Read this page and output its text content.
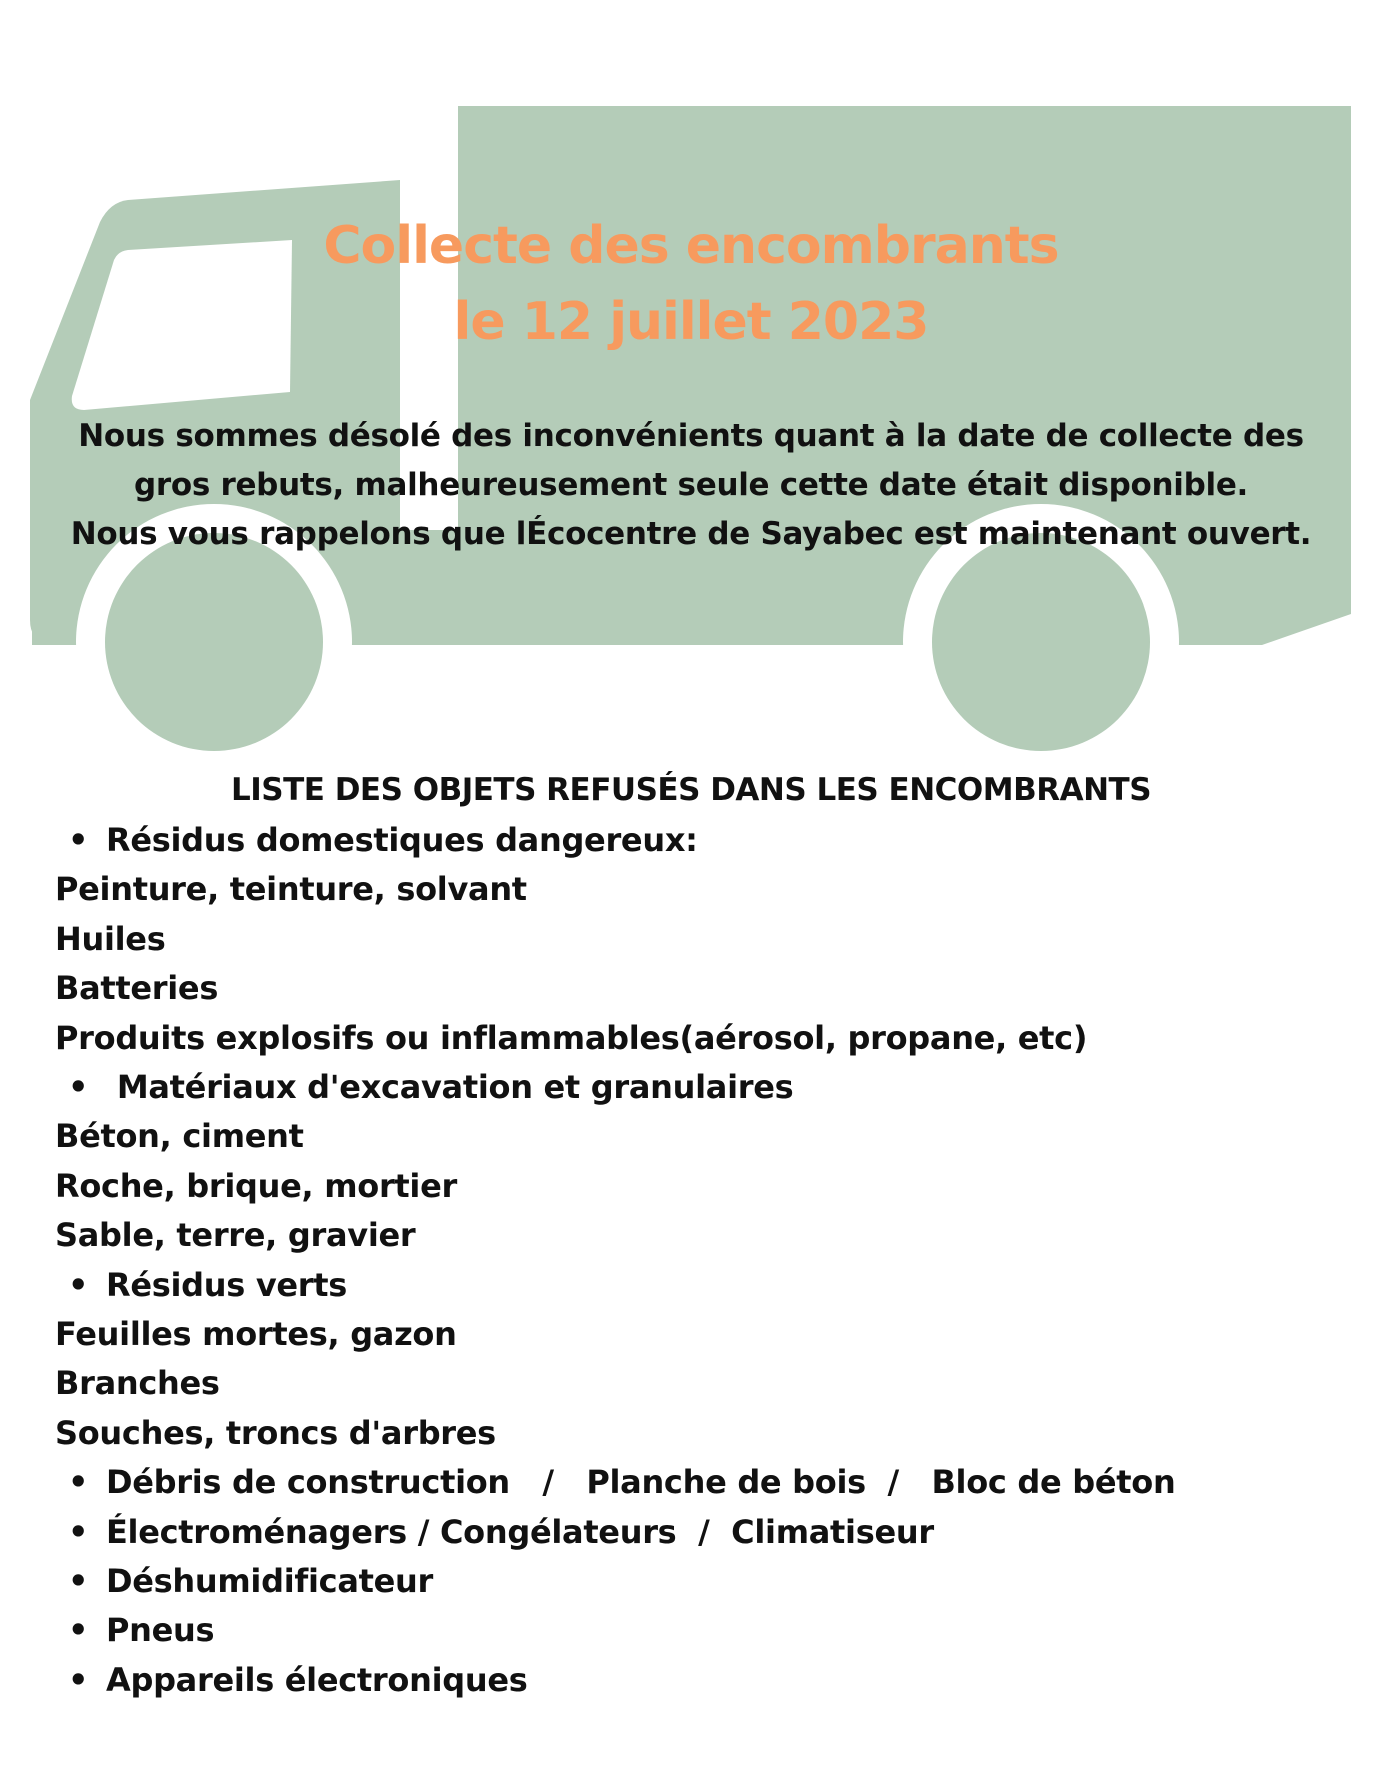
Collecte des encombrants
le 12 juillet 2023
Nous sommes désolé des inconvénients quant à la date de collecte des
gros rebuts, malheureusement seule cette date était disponible.
Nous vous rappelons que lÉcocentre de Sayabec est maintenant ouvert.
LISTE DES OBJETS REFUSÉS DANS LES ENCOMBRANTS
• Résidus domestiques dangereux:
Peinture, teinture, solvant
Huiles
Batteries
Produits explosifs ou inflammables(aérosol, propane, etc)
• Matériaux d'excavation et granulaires
Béton, ciment
Roche, brique, mortier
Sable, terre, gravier
• Résidus verts
Feuilles mortes, gazon
Branches
Souches, troncs d'arbres
• Débris de construction   /   Planche de bois  /   Bloc de béton
• Électroménagers / Congélateurs  /  Climatiseur
• Déshumidificateur
• Pneus
• Appareils électroniques
